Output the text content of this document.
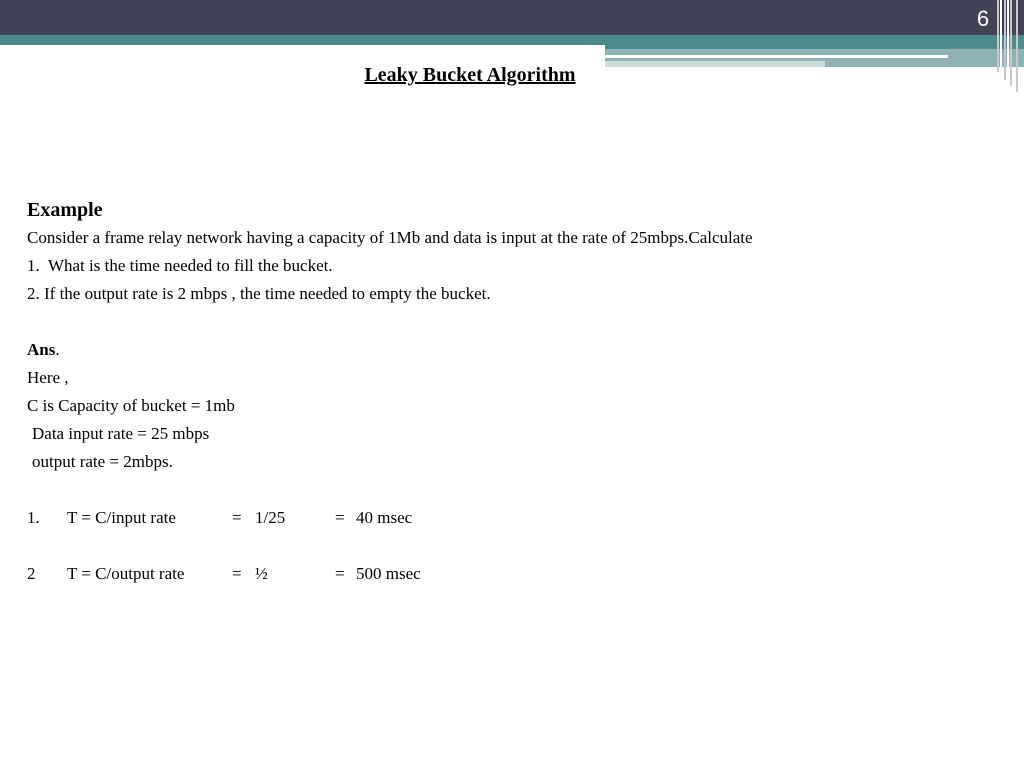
6
Leaky Bucket Algorithm
Example
Consider a frame relay network having a capacity of 1Mb and data is input at the rate of 25mbps.Calculate
1.  What is the time needed to fill the bucket.
2. If the output rate is 2 mbps , the time needed to empty the bucket.
Ans.
Here ,
C is Capacity of bucket = 1mb
Data input rate = 25 mbps
output rate = 2mbps.
1. T = C/input rate	= 1/25	= 40 msec
2 T = C/output rate	= ½	= 500 msec
